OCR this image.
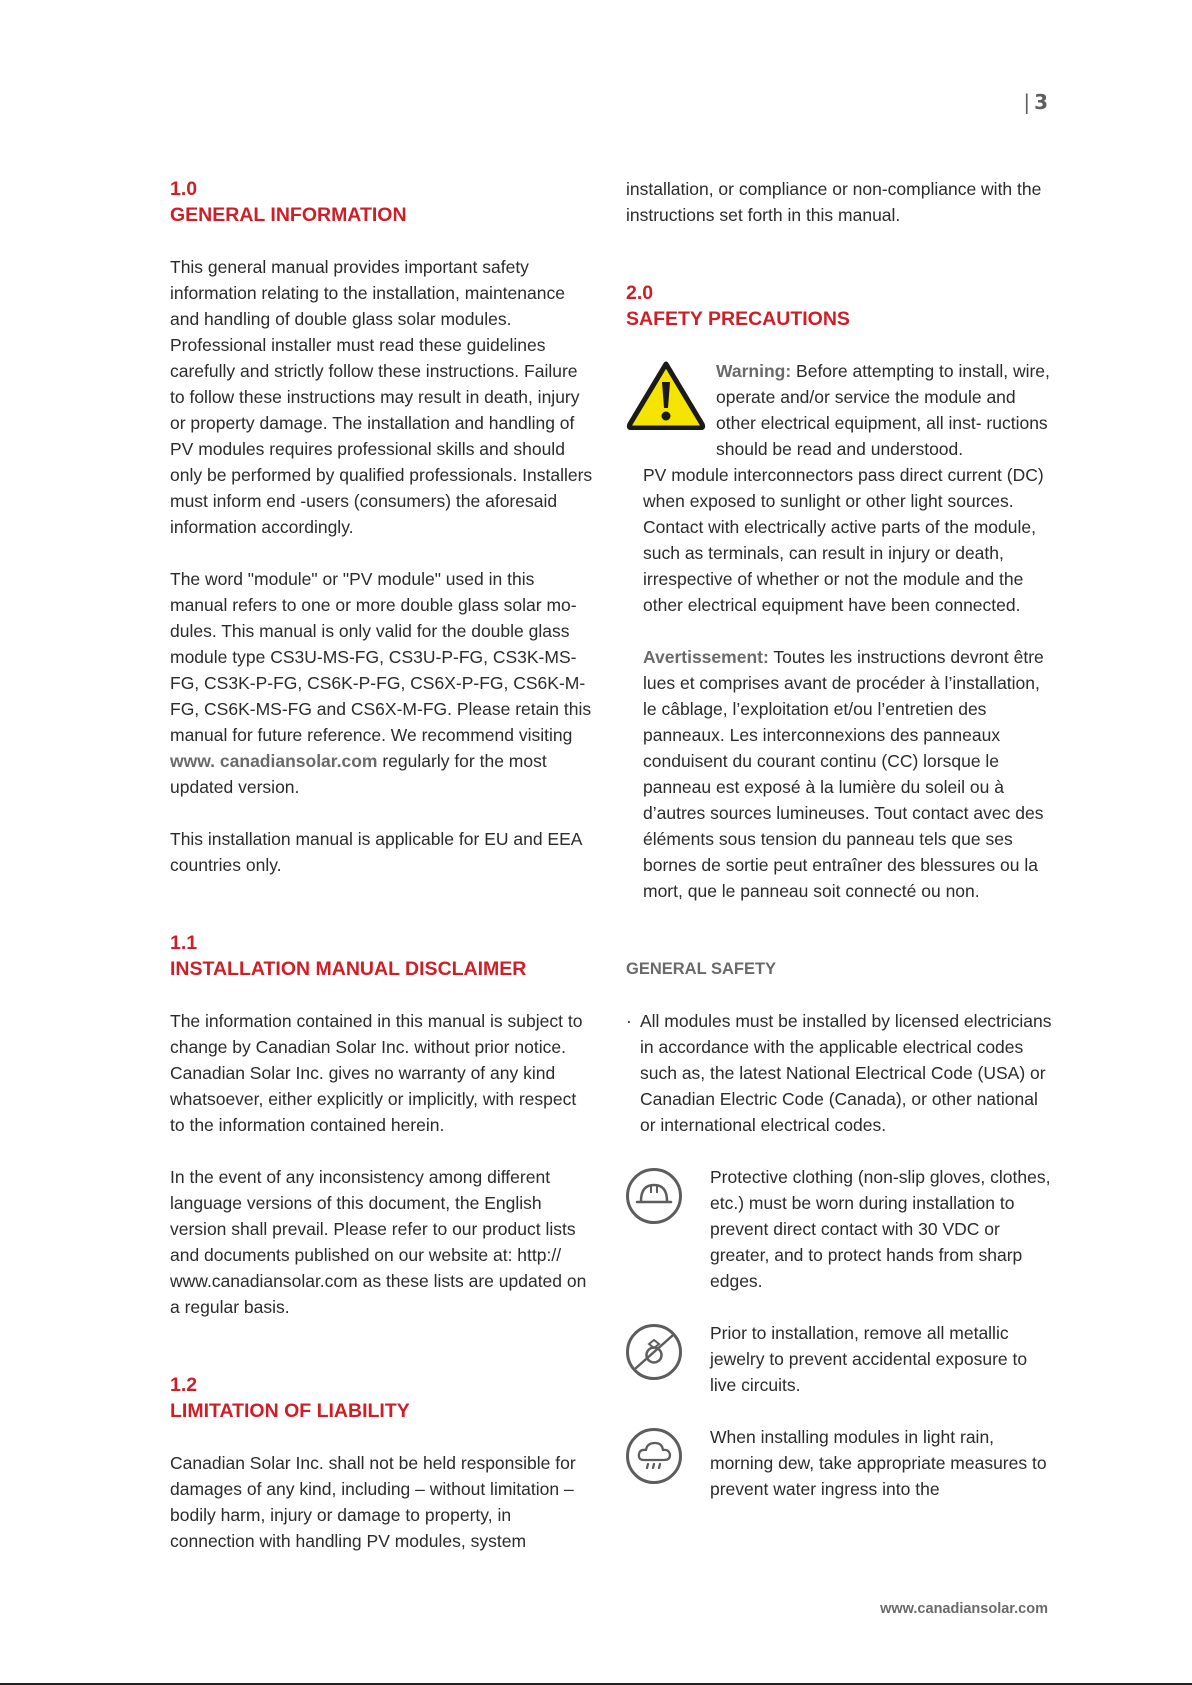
| 3
1.0
GENERAL INFORMATION

This general manual provides important safety information relating to the installation, maintenance and handling of double glass solar modules. Professional installer must read these guidelines carefully and strictly follow these instructions. Failure to follow these instructions may result in death, injury or property damage. The installation and handling of PV modules requires professional skills and should only be performed by qualified professionals. Installers must inform end -users (consumers) the aforesaid information accordingly.

The word "module" or "PV module" used in this manual refers to one or more double glass solar mo- dules. This manual is only valid for the double glass module type CS3U-MS-FG, CS3U-P-FG, CS3K-MS-FG, CS3K-P-FG, CS6K-P-FG, CS6X-P-FG, CS6K-M-FG, CS6K-MS-FG and CS6X-M-FG. Please retain this manual for future reference. We recommend visiting www. canadiansolar.com regularly for the most updated version.

This installation manual is applicable for EU and EEA countries only.

1.1
INSTALLATION MANUAL DISCLAIMER

The information contained in this manual is subject to change by Canadian Solar Inc. without prior notice. Canadian Solar Inc. gives no warranty of any kind whatsoever, either explicitly or implicitly, with respect to the information contained herein.

In the event of any inconsistency among different language versions of this document, the English version shall prevail. Please refer to our product lists and documents published on our website at: http:// www.canadiansolar.com as these lists are updated on a regular basis.

1.2
LIMITATION OF LIABILITY

Canadian Solar Inc. shall not be held responsible for damages of any kind, including – without limitation – bodily harm, injury or damage to property, in connection with handling PV modules, system

installation, or compliance or non-compliance with the instructions set forth in this manual.

2.0
SAFETY PRECAUTIONS

Warning: Before attempting to install, wire, operate and/or service the module and other electrical equipment, all inst- ructions should be read and understood.

PV module interconnectors pass direct current (DC) when exposed to sunlight or other light sources. Contact with electrically active parts of the module, such as terminals, can result in injury or death, irrespective of whether or not the module and the other electrical equipment have been connected.

Avertissement: Toutes les instructions devront être lues et comprises avant de procéder à l’installation, le câblage, l’exploitation et/ou l’entretien des panneaux. Les interconnexions des panneaux conduisent du courant continu (CC) lorsque le panneau est exposé à la lumière du soleil ou à d’autres sources lumineuses. Tout contact avec des éléments sous tension du panneau tels que ses bornes de sortie peut entraîner des blessures ou la mort, que le panneau soit connecté ou non.

GENERAL SAFETY
· All modules must be installed by licensed electricians in accordance with the applicable electrical codes such as, the latest National Electrical Code (USA) or Canadian Electric Code (Canada), or other national or international electrical codes.

Protective clothing (non-slip gloves, clothes, etc.) must be worn during installation to prevent direct contact with 30 VDC or greater, and to protect hands from sharp edges.

Prior to installation, remove all metallic jewelry to prevent accidental exposure to live circuits.

When installing modules in light rain, morning dew, take appropriate measures to prevent water ingress into the

www.canadiansolar.com
